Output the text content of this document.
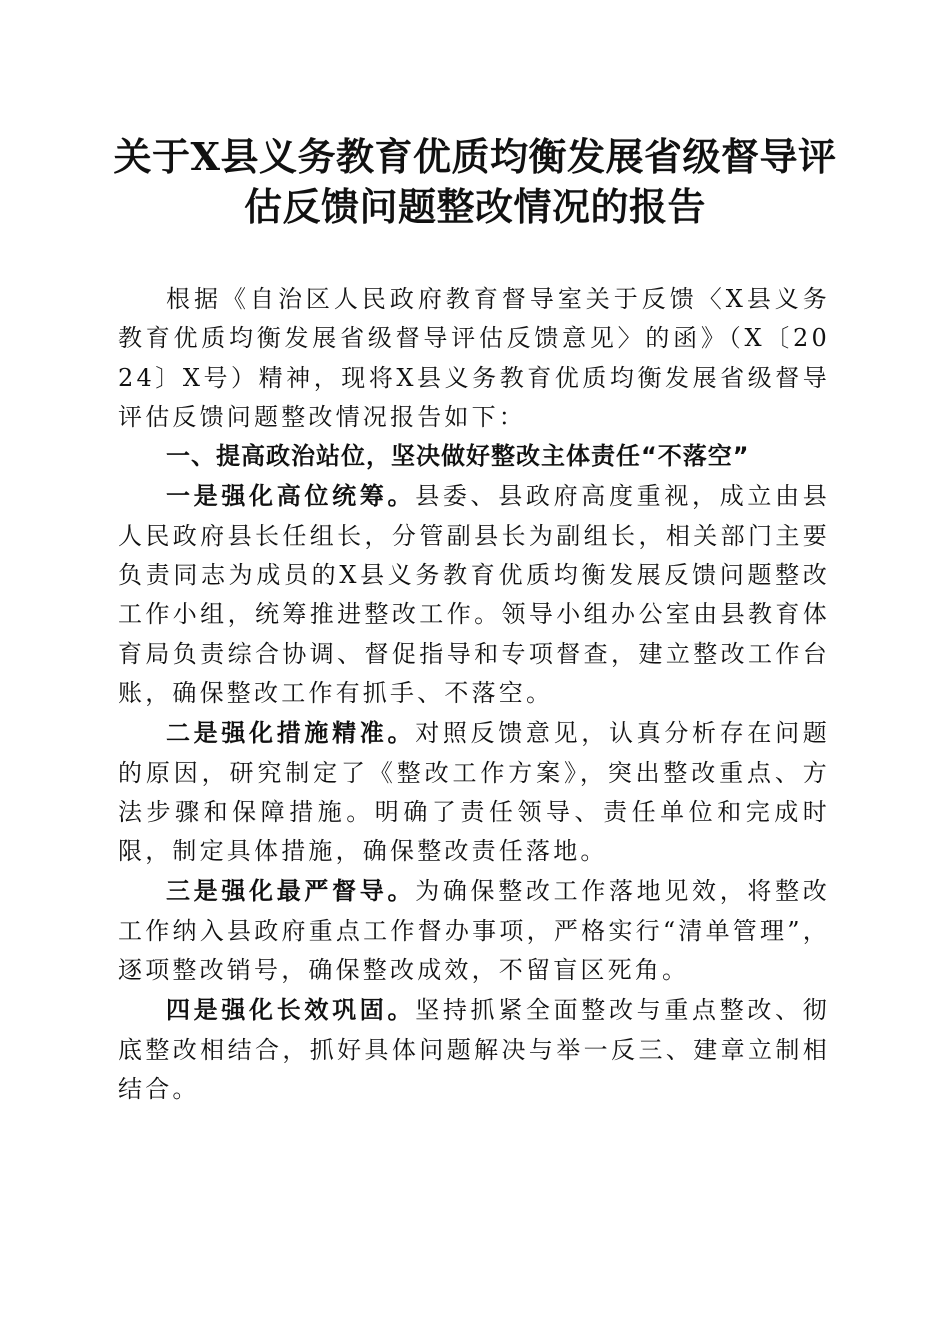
关于X县义务教育优质均衡发展省级督导评
估反馈问题整改情况的报告

根据《自治区人民政府教育督导室关于反馈〈X县义务教育优质均衡发展省级督导评估反馈意见〉的函》（X〔2024〕X号）精神，现将X县义务教育优质均衡发展省级督导评估反馈问题整改情况报告如下：

一、提高政治站位，坚决做好整改主体责任“不落空”

一是强化高位统筹。县委、县政府高度重视，成立由县人民政府县长任组长，分管副县长为副组长，相关部门主要负责同志为成员的X县义务教育优质均衡发展反馈问题整改工作小组，统筹推进整改工作。领导小组办公室由县教育体育局负责综合协调、督促指导和专项督查，建立整改工作台账，确保整改工作有抓手、不落空。

二是强化措施精准。对照反馈意见，认真分析存在问题的原因，研究制定了《整改工作方案》，突出整改重点、方法步骤和保障措施。明确了责任领导、责任单位和完成时限，制定具体措施，确保整改责任落地。

三是强化最严督导。为确保整改工作落地见效，将整改工作纳入县政府重点工作督办事项，严格实行“清单管理”，逐项整改销号，确保整改成效，不留盲区死角。

四是强化长效巩固。坚持抓紧全面整改与重点整改、彻底整改相结合，抓好具体问题解决与举一反三、建章立制相结合。
